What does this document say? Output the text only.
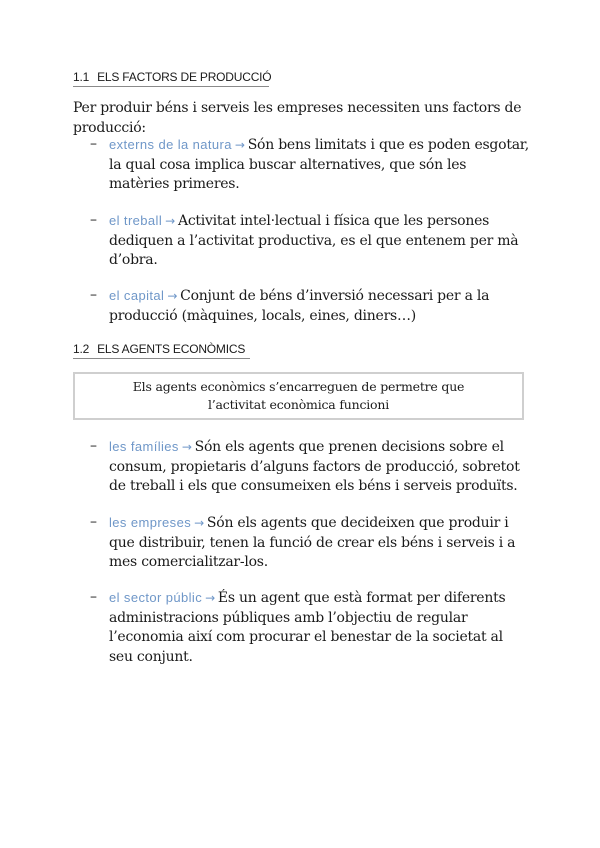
1.1 ELS FACTORS DE PRODUCCIÓ
Per produir béns i serveis les empreses necessiten uns factors de producció:
– externs de la natura → Són bens limitats i que es poden esgotar, la qual cosa implica buscar alternatives, que són les matèries primeres.
– el treball → Activitat intel·lectual i física que les persones dediquen a l’activitat productiva, es el que entenem per mà d’obra.
– el capital → Conjunt de béns d’inversió necessari per a la producció (màquines, locals, eines, diners…)
1.2 ELS AGENTS ECONÒMICS
Els agents econòmics s’encarreguen de permetre que l’activitat econòmica funcioni
– les famílies → Són els agents que prenen decisions sobre el consum, propietaris d’alguns factors de producció, sobretot de treball i els que consumeixen els béns i serveis produïts.
– les empreses → Són els agents que decideixen que produir i que distribuir, tenen la funció de crear els béns i serveis i a mes comercialitzar-los.
– el sector públic → És un agent que està format per diferents administracions públiques amb l’objectiu de regular l’economia així com procurar el benestar de la societat al seu conjunt.
